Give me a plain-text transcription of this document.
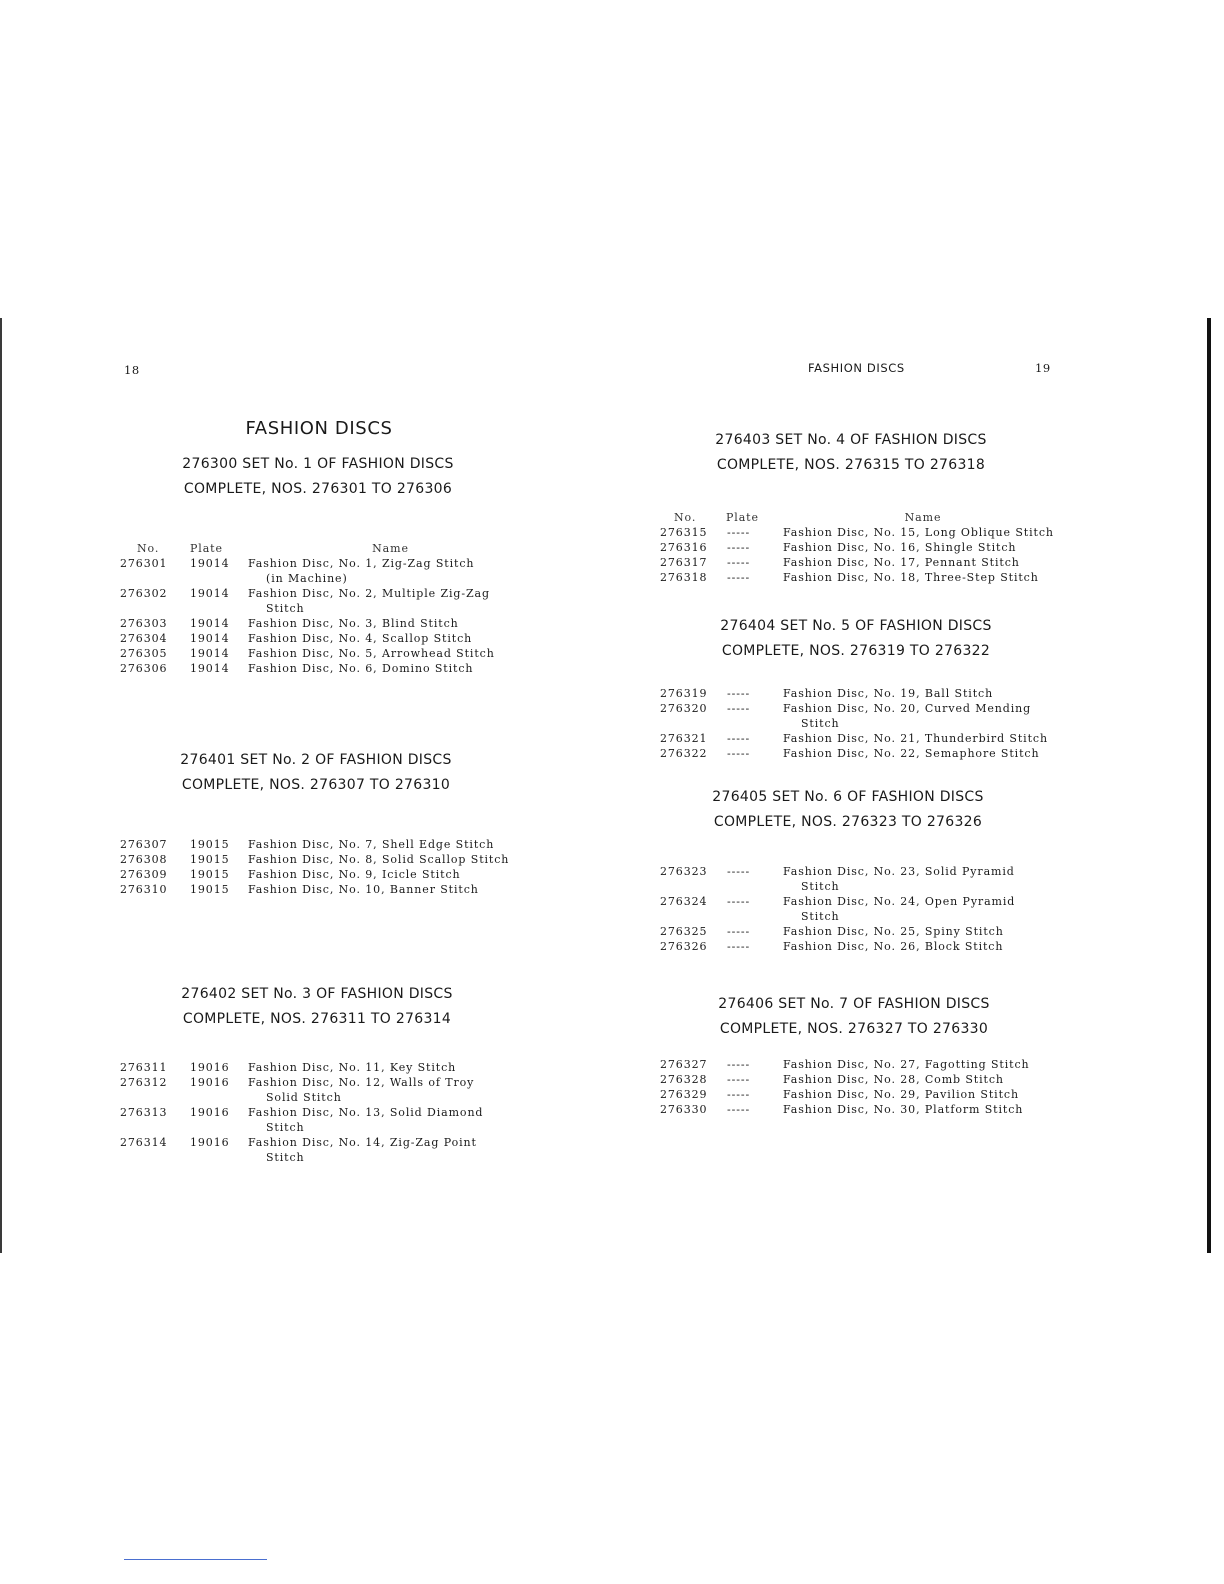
18
FASHION DISCS
276300 SET No. 1 OF FASHION DISCS
COMPLETE, NOS. 276301 TO 276306
No.	Plate	Name
276301 19014 Fashion Disc, No. 1, Zig-Zag Stitch
(in Machine)
276302 19014 Fashion Disc, No. 2, Multiple Zig-Zag
Stitch
276303 19014 Fashion Disc, No. 3, Blind Stitch
276304 19014 Fashion Disc, No. 4, Scallop Stitch
276305 19014 Fashion Disc, No. 5, Arrowhead Stitch
276306 19014 Fashion Disc, No. 6, Domino Stitch
276401 SET No. 2 OF FASHION DISCS
COMPLETE, NOS. 276307 TO 276310
276307 19015 Fashion Disc, No. 7, Shell Edge Stitch
276308 19015 Fashion Disc, No. 8, Solid Scallop Stitch
276309 19015 Fashion Disc, No. 9, Icicle Stitch
276310 19015 Fashion Disc, No. 10, Banner Stitch
276402 SET No. 3 OF FASHION DISCS
COMPLETE, NOS. 276311 TO 276314
276311 19016 Fashion Disc, No. 11, Key Stitch
276312 19016 Fashion Disc, No. 12, Walls of Troy
Solid Stitch
276313 19016 Fashion Disc, No. 13, Solid Diamond
Stitch
276314 19016 Fashion Disc, No. 14, Zig-Zag Point
Stitch
FASHION DISCS	19
276403 SET No. 4 OF FASHION DISCS
COMPLETE, NOS. 276315 TO 276318
No.	Plate	Name
276315 -----	Fashion Disc, No. 15, Long Oblique Stitch
276316 -----	Fashion Disc, No. 16, Shingle Stitch
276317 -----	Fashion Disc, No. 17, Pennant Stitch
276318 -----	Fashion Disc, No. 18, Three-Step Stitch
276404 SET No. 5 OF FASHION DISCS
COMPLETE, NOS. 276319 TO 276322
276319 -----	Fashion Disc, No. 19, Ball Stitch
276320 -----	Fashion Disc, No. 20, Curved Mending
Stitch
276321 -----	Fashion Disc, No. 21, Thunderbird Stitch
276322 -----	Fashion Disc, No. 22, Semaphore Stitch
276405 SET No. 6 OF FASHION DISCS
COMPLETE, NOS. 276323 TO 276326
276323 -----	Fashion Disc, No. 23, Solid Pyramid
Stitch
276324 -----	Fashion Disc, No. 24, Open Pyramid
Stitch
276325 -----	Fashion Disc, No. 25, Spiny Stitch
276326 -----	Fashion Disc, No. 26, Block Stitch
276406 SET No. 7 OF FASHION DISCS
COMPLETE, NOS. 276327 TO 276330
276327 -----	Fashion Disc, No. 27, Fagotting Stitch
276328 -----	Fashion Disc, No. 28, Comb Stitch
276329 -----	Fashion Disc, No. 29, Pavilion Stitch
276330 -----	Fashion Disc, No. 30, Platform Stitch
